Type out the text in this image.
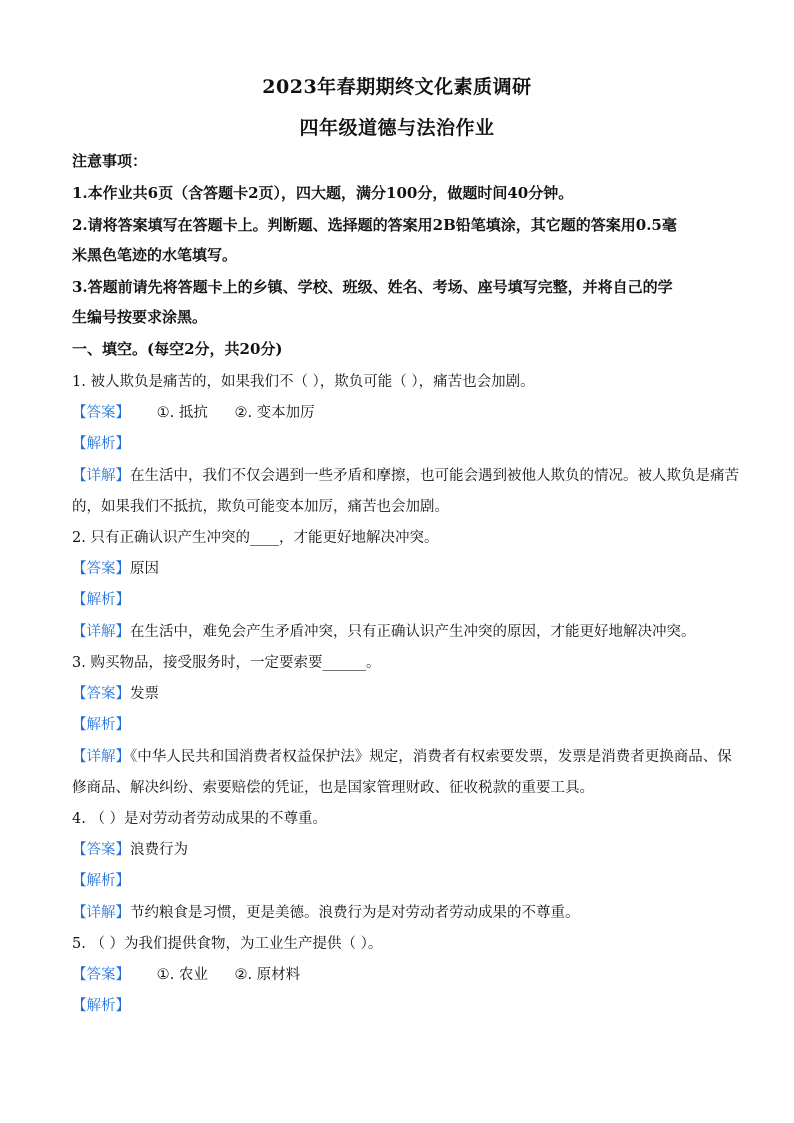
2023年春期期终文化素质调研
四年级道德与法治作业
注意事项：
1.本作业共6页（含答题卡2页），四大题，满分100分，做题时间40分钟。
2.请将答案填写在答题卡上。判断题、选择题的答案用2B铅笔填涂，其它题的答案用0.5毫
米黑色笔迹的水笔填写。
3.答题前请先将答题卡上的乡镇、学校、班级、姓名、考场、座号填写完整，并将自己的学
生编号按要求涂黑。
一、填空。(每空2分，共20分)
1. 被人欺负是痛苦的，如果我们不（ ），欺负可能（ ），痛苦也会加剧。
【答案】 ①. 抵抗 ②. 变本加厉
【解析】
【详解】在生活中，我们不仅会遇到一些矛盾和摩擦，也可能会遇到被他人欺负的情况。被人欺负是痛苦
的，如果我们不抵抗，欺负可能变本加厉，痛苦也会加剧。
2. 只有正确认识产生冲突的____，才能更好地解决冲突。
【答案】原因
【解析】
【详解】在生活中，难免会产生矛盾冲突，只有正确认识产生冲突的原因，才能更好地解决冲突。
3. 购买物品，接受服务时，一定要索要______。
【答案】发票
【解析】
【详解】《中华人民共和国消费者权益保护法》规定，消费者有权索要发票，发票是消费者更换商品、保
修商品、解决纠纷、索要赔偿的凭证，也是国家管理财政、征收税款的重要工具。
4. （ ）是对劳动者劳动成果的不尊重。
【答案】浪费行为
【解析】
【详解】节约粮食是习惯，更是美德。浪费行为是对劳动者劳动成果的不尊重。
5. （ ）为我们提供食物，为工业生产提供（ ）。
【答案】 ①. 农业 ②. 原材料
【解析】
